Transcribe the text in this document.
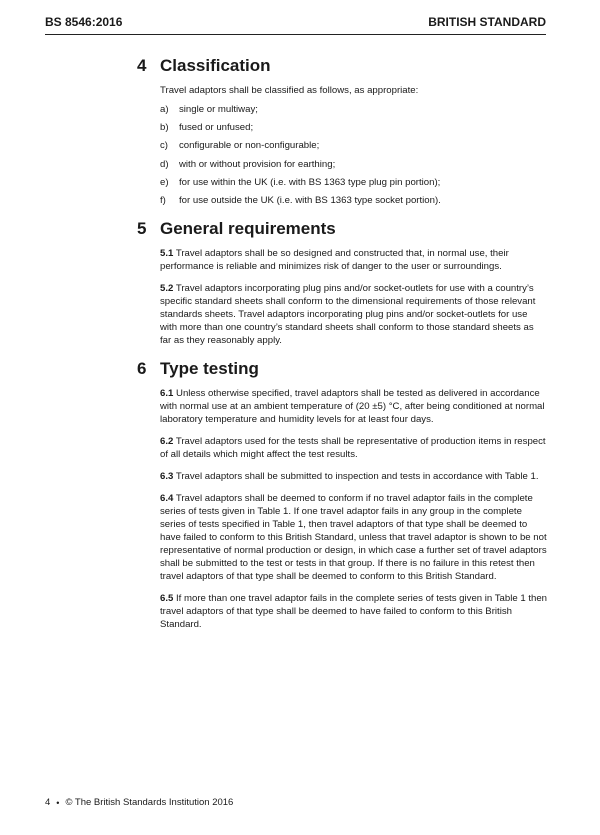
BS 8546:2016	BRITISH STANDARD
4 Classification

Travel adaptors shall be classified as follows, as appropriate:

a)	single or multiway;
b)	fused or unfused;
c)	configurable or non-configurable;
d)	with or without provision for earthing;
e)	for use within the UK (i.e. with BS 1363 type plug pin portion);
f)	for use outside the UK (i.e. with BS 1363 type socket portion).
5 General requirements

5.1 Travel adaptors shall be so designed and constructed that, in normal use, their performance is reliable and minimizes risk of danger to the user or surroundings.

5.2 Travel adaptors incorporating plug pins and/or socket-outlets for use with a country’s specific standard sheets shall conform to the dimensional requirements of those relevant standards sheets. Travel adaptors incorporating plug pins and/or socket-outlets for use with more than one country’s standard sheets shall conform to those standard sheets as far as they reasonably apply.

6 Type testing

6.1 Unless otherwise specified, travel adaptors shall be tested as delivered in accordance with normal use at an ambient temperature of (20 ±5) °C, after being conditioned at normal laboratory temperature and humidity levels for at least four days.

6.2 Travel adaptors used for the tests shall be representative of production items in respect of all details which might affect the test results.

6.3 Travel adaptors shall be submitted to inspection and tests in accordance with Table 1.

6.4 Travel adaptors shall be deemed to conform if no travel adaptor fails in the complete series of tests given in Table 1. If one travel adaptor fails in any group in the complete series of tests specified in Table 1, then travel adaptors of that type shall be deemed to have failed to conform to this British Standard, unless that travel adaptor is shown to be not representative of normal production or design, in which case a further set of travel adaptors shall be submitted to the test or tests in that group. If there is no failure in this retest then travel adaptors of that type shall be deemed to conform to this British Standard.

6.5 If more than one travel adaptor fails in the complete series of tests given in Table 1 then travel adaptors of that type shall be deemed to have failed to conform to this British Standard.

4 • © The British Standards Institution 2016
